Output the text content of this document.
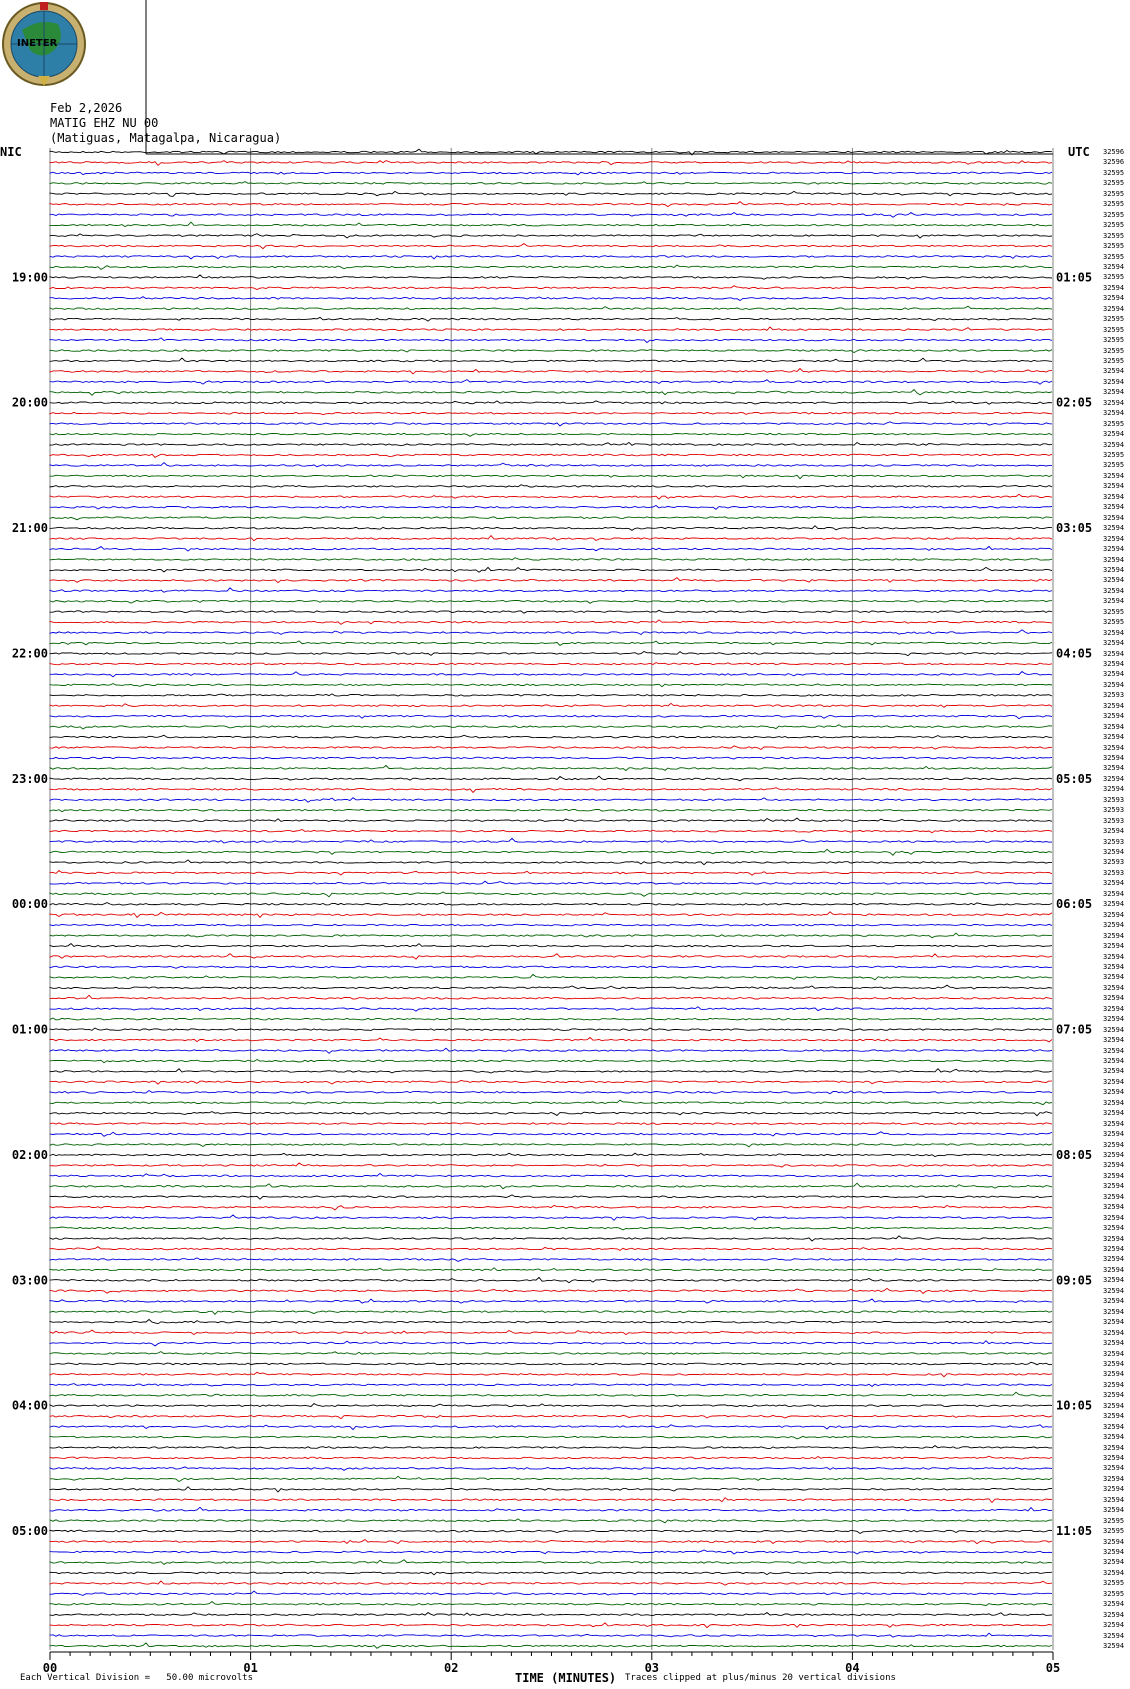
00	01	02	03	04	05
19:00
20:00
21:00
22:00
23:00
00:00
01:00
02:00
03:00
04:00
05:00
01:05
02:05
03:05
04:05
05:05
06:05
07:05
08:05
09:05
10:05
11:05
INETER
Feb 2,2026
MATIG EHZ NU 00
(Matiguas, Matagalpa, Nicaragua)
NIC	UTC
Each Vertical Division =   50.00 microvolts	TIME (MINUTES) Traces clipped at plus/minus 20 vertical divisions
32596
32596
32595
32595
32595
32595
32595
32595
32595
32595
32595
32594
32595
32594
32594
32594
32595
32595
32595
32595
32595
32594
32594
32594
32594
32594
32595
32594
32594
32595
32595
32594
32594
32594
32594
32594
32594
32594
32594
32594
32594
32594
32594
32594
32595
32595
32594
32594
32594
32594
32594
32594
32593
32594
32594
32594
32594
32594
32594
32594
32594
32594
32593
32593
32593
32594
32593
32594
32593
32593
32594
32594
32594
32594
32594
32594
32594
32594
32594
32594
32594
32594
32594
32594
32594
32594
32594
32594
32594
32594
32594
32594
32594
32594
32594
32594
32594
32594
32594
32594
32594
32594
32594
32594
32594
32594
32594
32594
32594
32594
32594
32594
32594
32594
32594
32594
32594
32594
32594
32594
32594
32594
32594
32594
32594
32594
32594
32594
32594
32594
32594
32595
32595
32594
32594
32594
32594
32595
32595
32594
32594
32594
32594
32594
